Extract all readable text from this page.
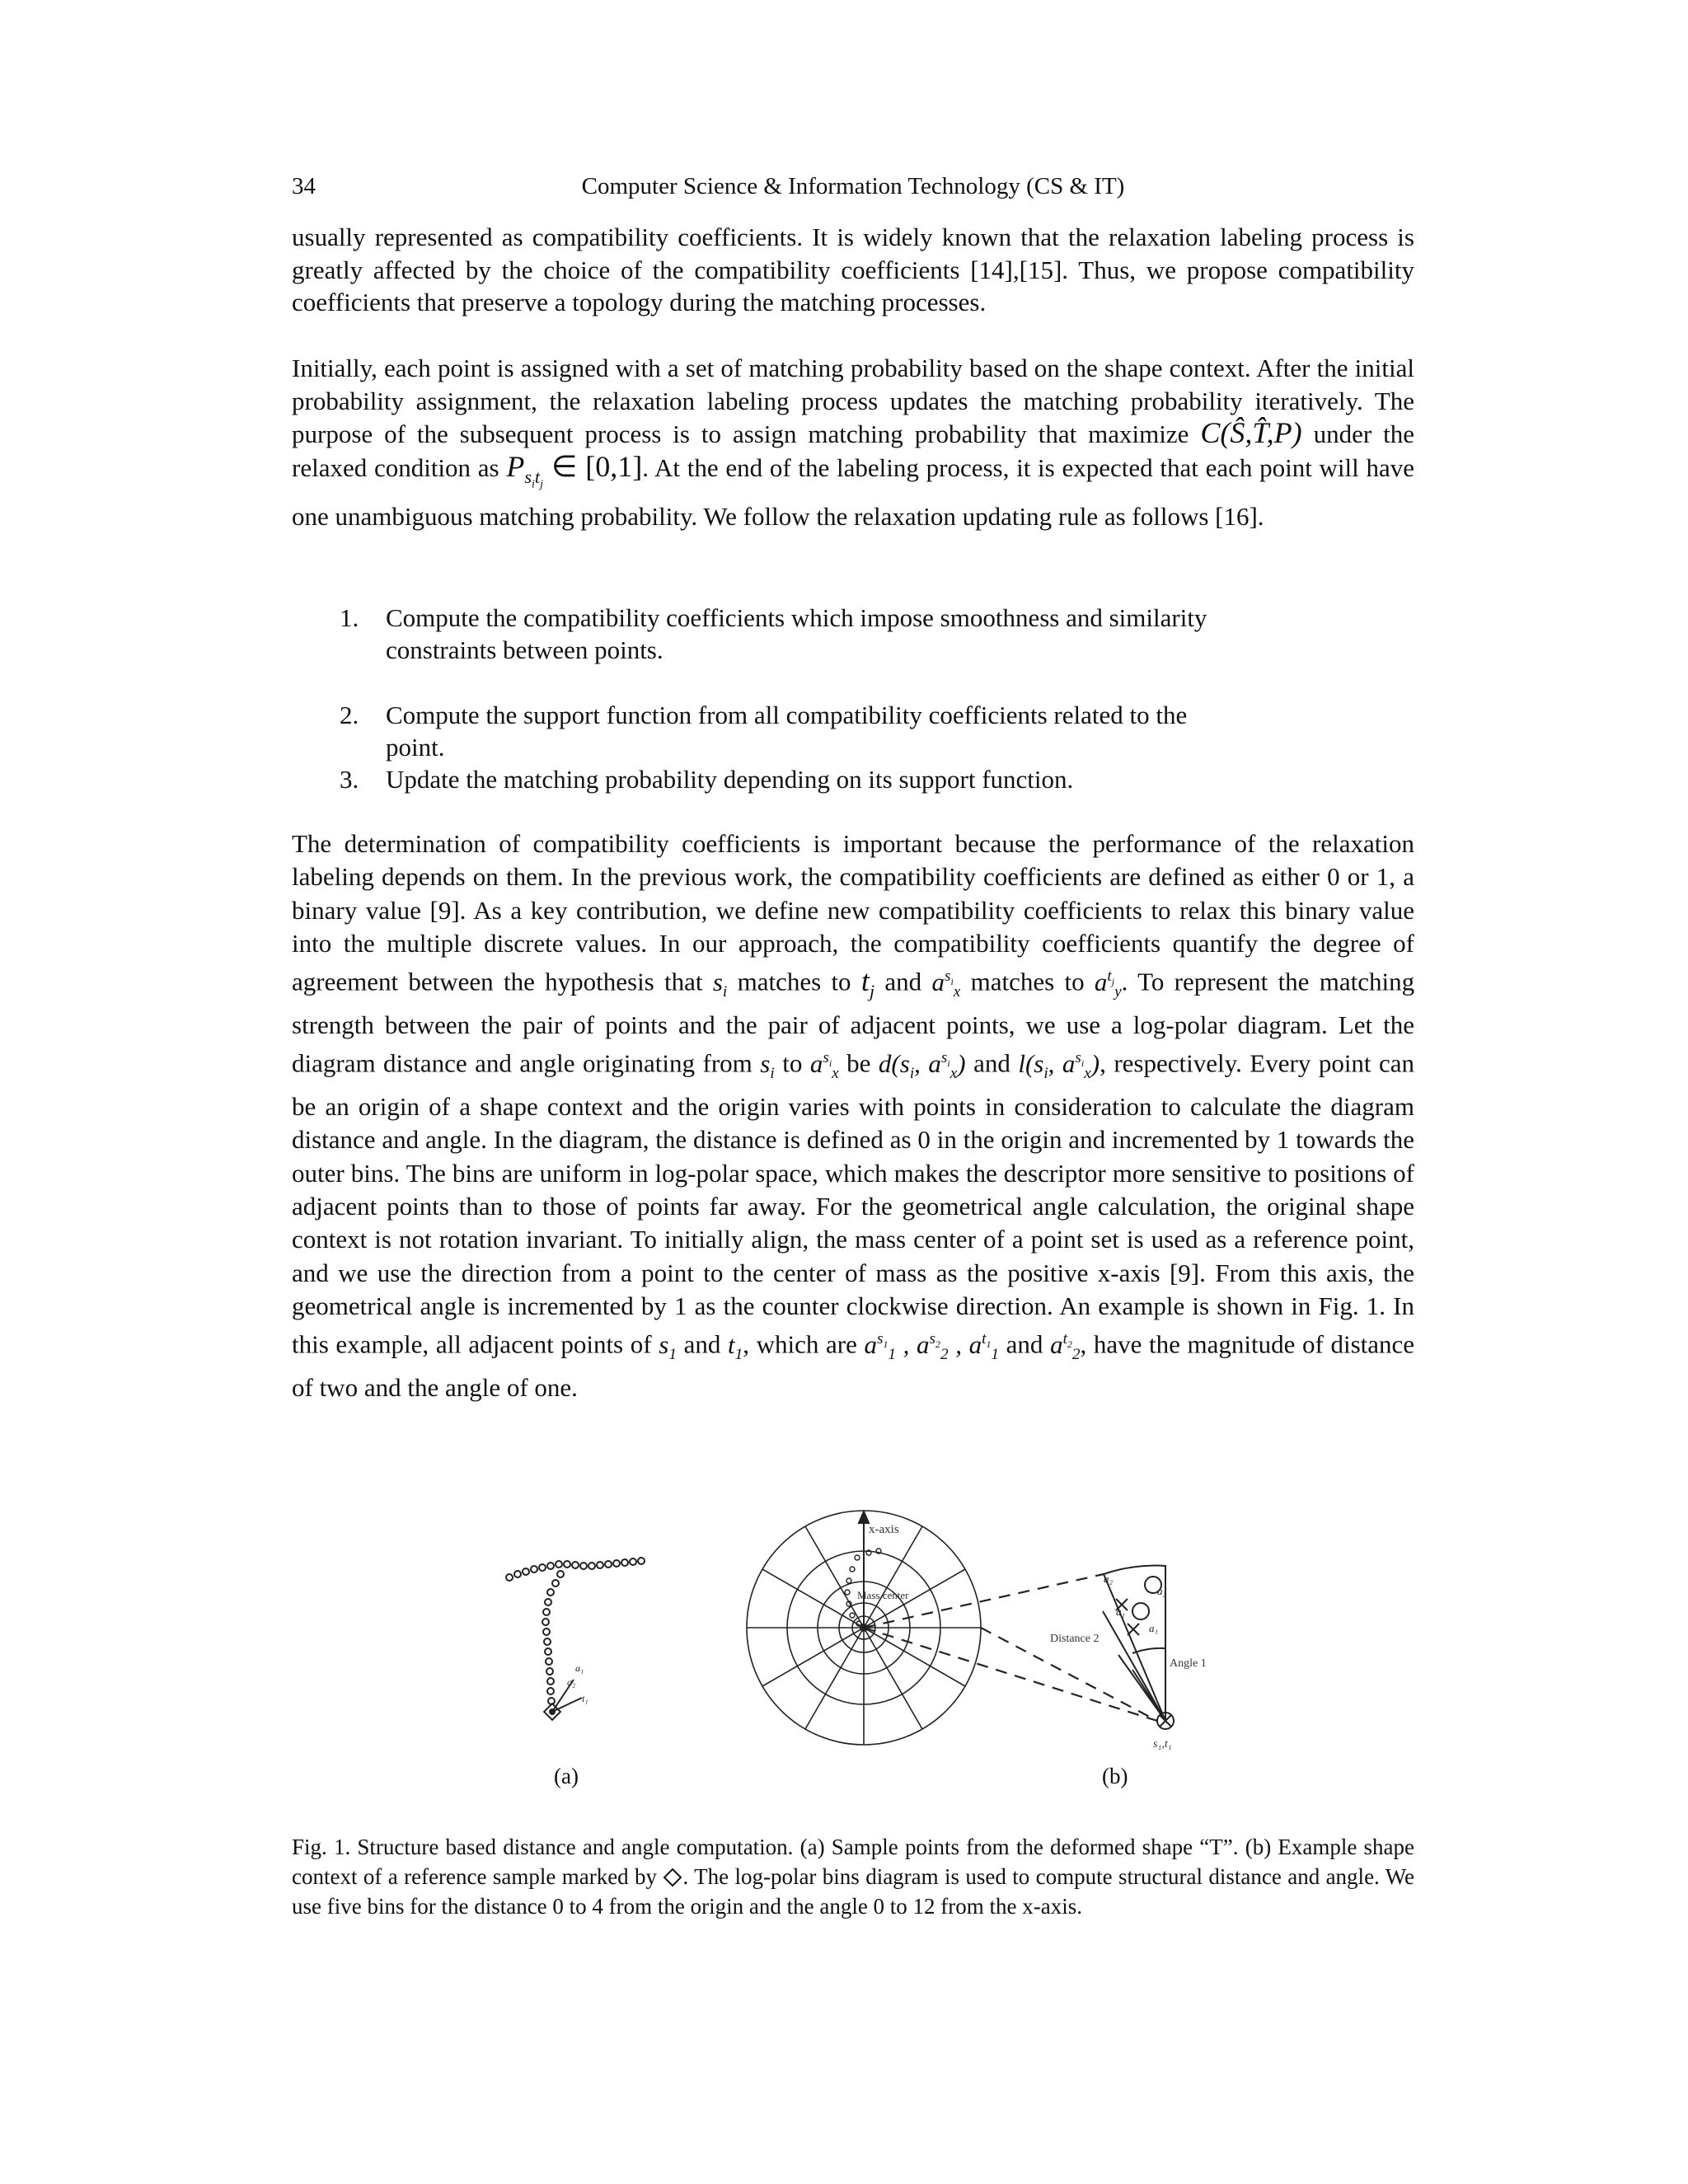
34	Computer Science & Information Technology (CS & IT)

usually represented as compatibility coefficients. It is widely known that the relaxation labeling process is greatly affected by the choice of the compatibility coefficients [14],[15]. Thus, we propose compatibility coefficients that preserve a topology during the matching processes.

Initially, each point is assigned with a set of matching probability based on the shape context. After the initial probability assignment, the relaxation labeling process updates the matching probability iteratively. The purpose of the subsequent process is to assign matching probability that maximize C(Ŝ,T̂,P) under the relaxed condition as $P_{s_it_j}$ ∈ [0,1]. At the end of the labeling process, it is expected that each point will have one unambiguous matching probability. We follow the relaxation updating rule as follows [16].

1. Compute the compatibility coefficients which impose smoothness and similarity constraints between points.
2. Compute the support function from all compatibility coefficients related to the point.
3. Update the matching probability depending on its support function.

The determination of compatibility coefficients is important because the performance of the relaxation labeling depends on them. In the previous work, the compatibility coefficients are defined as either 0 or 1, a binary value [9]. As a key contribution, we define new compatibility coefficients to relax this binary value into the multiple discrete values. In our approach, the compatibility coefficients quantify the degree of agreement between the hypothesis that $s_i$ matches to $t_j$ and $a^{s_i}_x$ matches to $a^{t_j}_y$. To represent the matching strength between the pair of points and the pair of adjacent points, we use a log-polar diagram. Let the diagram distance and angle originating from $s_i$ to $a^{s_i}_x$ be $d(s_i$, $a^{s_i}_x$) and $l(s_i$, $a^{s_i}_x$), respectively. Every point can be an origin of a shape context and the origin varies with points in consideration to calculate the diagram distance and angle. In the diagram, the distance is defined as 0 in the origin and incremented by 1 towards the outer bins. The bins are uniform in log-polar space, which makes the descriptor more sensitive to positions of adjacent points than to those of points far away. For the geometrical angle calculation, the original shape context is not rotation invariant. To initially align, the mass center of a point set is used as a reference point, and we use the direction from a point to the center of mass as the positive x-axis [9]. From this axis, the geometrical angle is incremented by 1 as the counter clockwise direction. An example is shown in Fig. 1. In this example, all adjacent points of $s_1$ and $t_1$, which are $a^{s_1}_1$ , $a^{s_2}_2$ , $a^{t_1}_1$ and $a^{t_2}_2$, have the magnitude of distance of two and the angle of one.

a₁
a₂
t₁
x-axis
Mass center	a₂
a₁
a₂
a₁
Distance 2
Angle 1
s₁,t₁
(a)	(b)

Fig. 1. Structure based distance and angle computation. (a) Sample points from the deformed shape “T”. (b) Example shape context of a reference sample marked by . The log-polar bins diagram is used to compute structural distance and angle. We use five bins for the distance 0 to 4 from the origin and the angle 0 to 12 from the x-axis.
